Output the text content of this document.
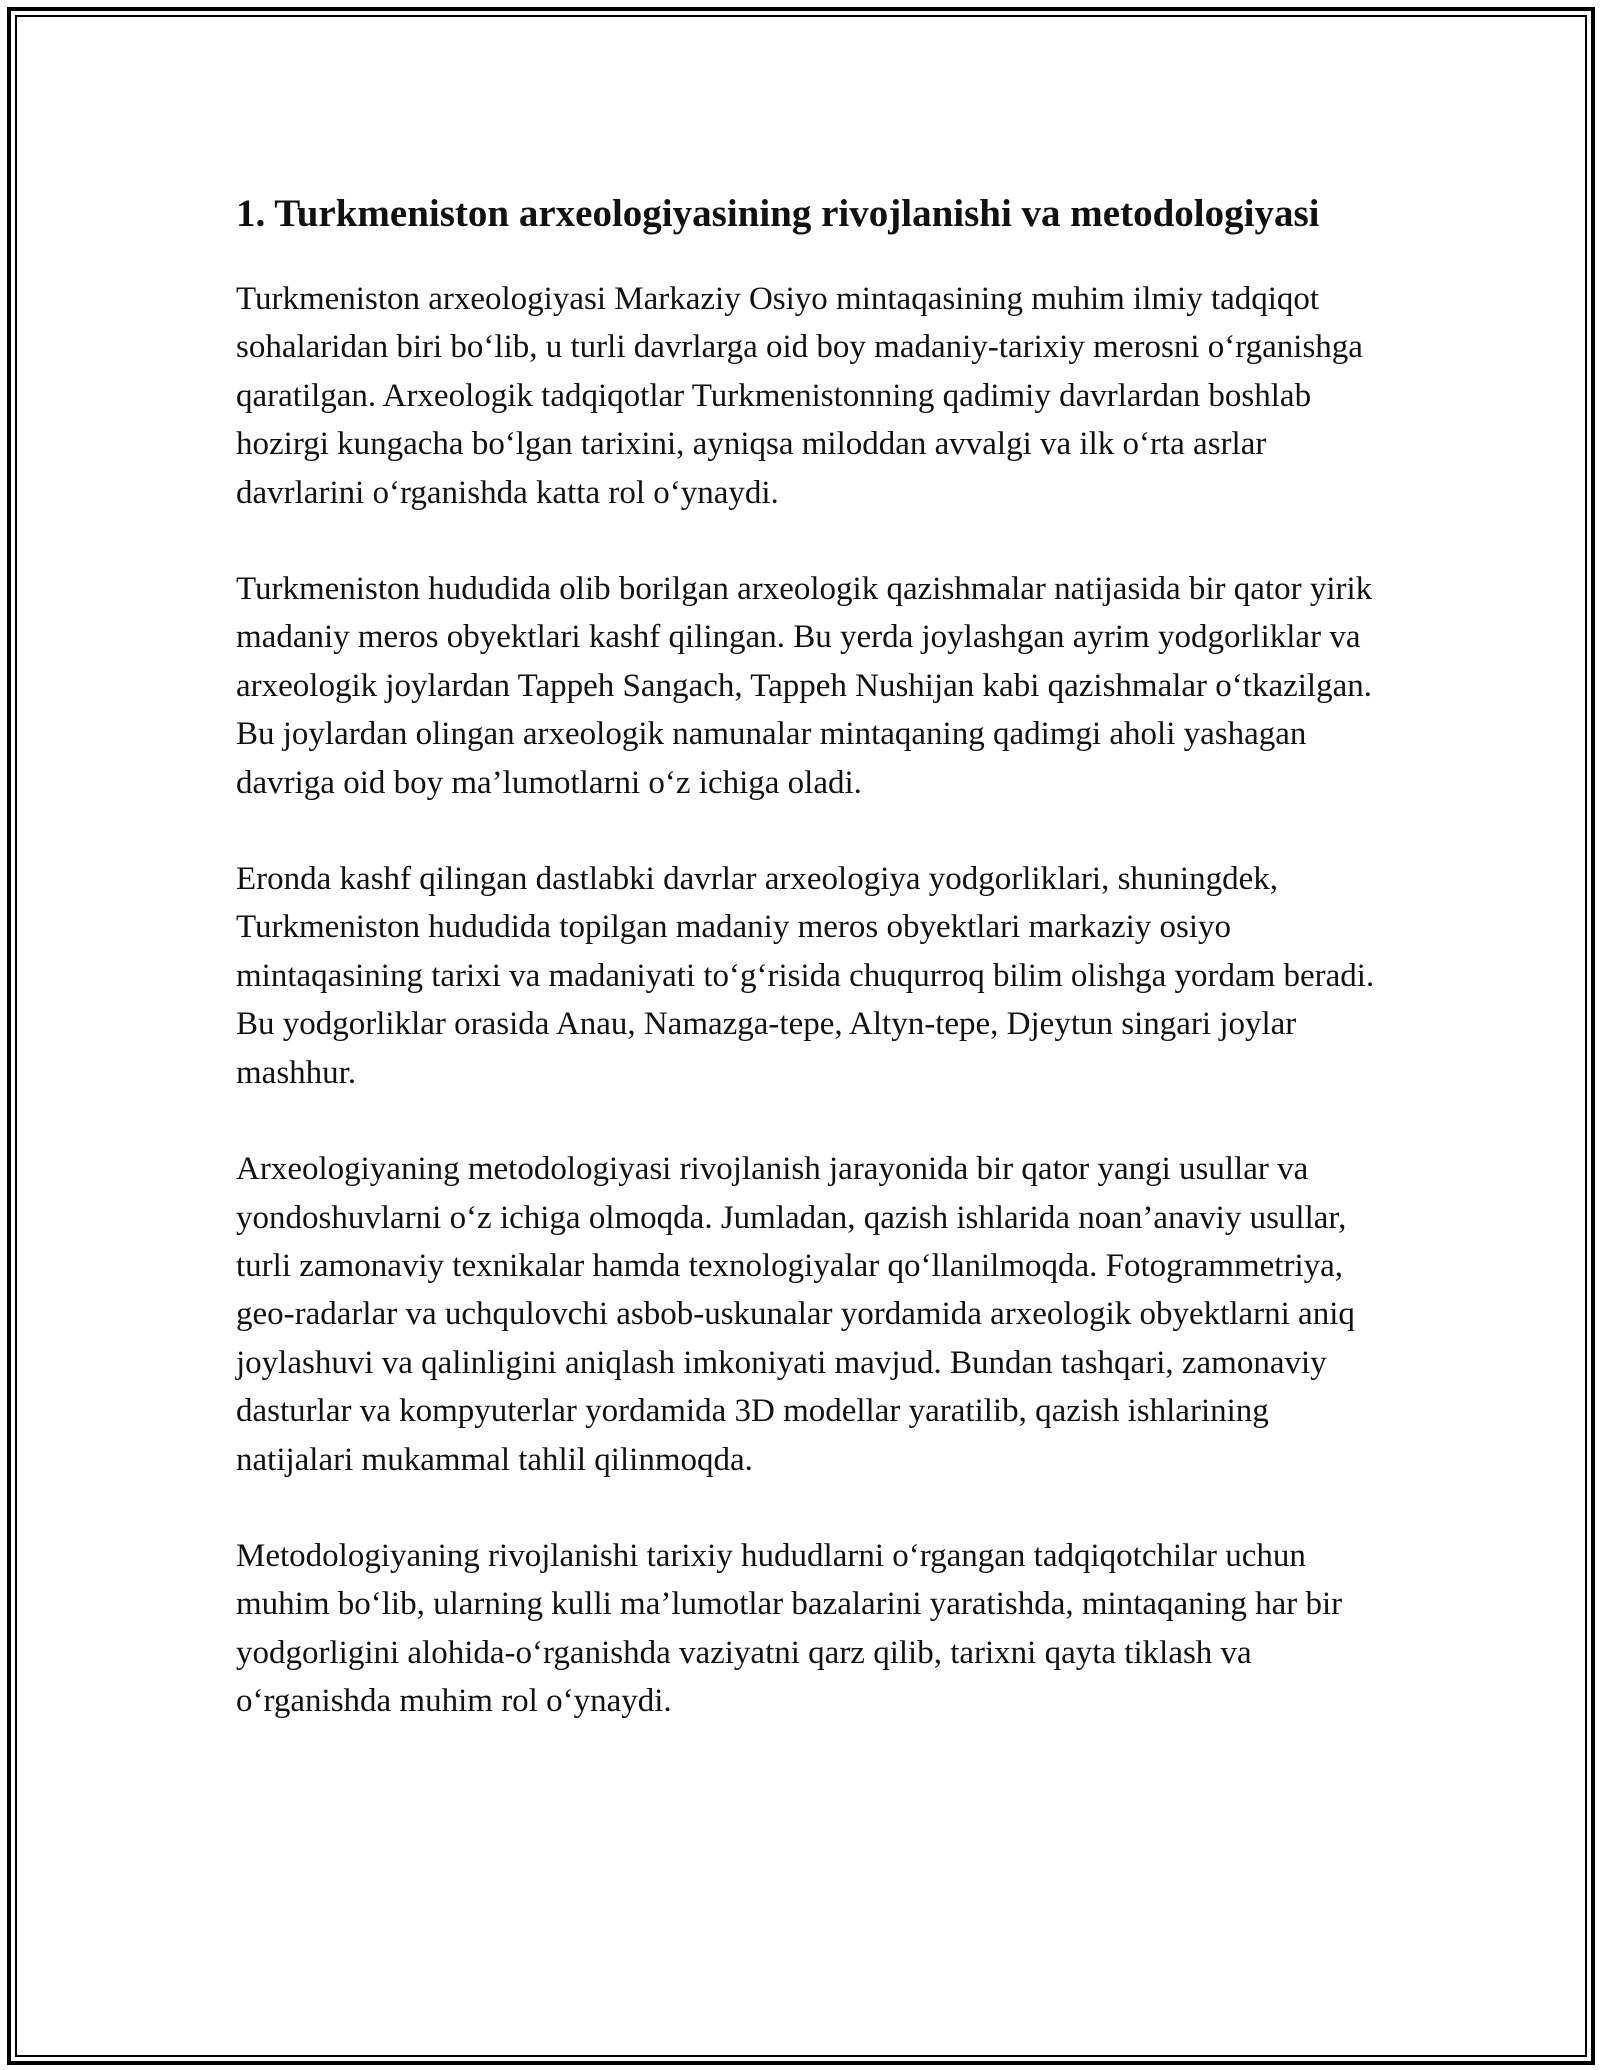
1. Turkmeniston arxeologiyasining rivojlanishi va metodologiyasi

Turkmeniston arxeologiyasi Markaziy Osiyo mintaqasining muhim ilmiy tadqiqot sohalaridan biri bo‘lib, u turli davrlarga oid boy madaniy-tarixiy merosni o‘rganishga qaratilgan. Arxeologik tadqiqotlar Turkmenistonning qadimiy davrlardan boshlab hozirgi kungacha bo‘lgan tarixini, ayniqsa miloddan avvalgi va ilk o‘rta asrlar davrlarini o‘rganishda katta rol o‘ynaydi.

Turkmeniston hududida olib borilgan arxeologik qazishmalar natijasida bir qator yirik madaniy meros obyektlari kashf qilingan. Bu yerda joylashgan ayrim yodgorliklar va arxeologik joylardan Tappeh Sangach, Tappeh Nushijan kabi qazishmalar o‘tkazilgan. Bu joylardan olingan arxeologik namunalar mintaqaning qadimgi aholi yashagan davriga oid boy ma’lumotlarni o‘z ichiga oladi.

Eronda kashf qilingan dastlabki davrlar arxeologiya yodgorliklari, shuningdek, Turkmeniston hududida topilgan madaniy meros obyektlari markaziy osiyo mintaqasining tarixi va madaniyati to‘g‘risida chuqurroq bilim olishga yordam beradi. Bu yodgorliklar orasida Anau, Namazga-tepe, Altyn-tepe, Djeytun singari joylar mashhur.

Arxeologiyaning metodologiyasi rivojlanish jarayonida bir qator yangi usullar va yondoshuvlarni o‘z ichiga olmoqda. Jumladan, qazish ishlarida noan’anaviy usullar, turli zamonaviy texnikalar hamda texnologiyalar qo‘llanilmoqda. Fotogrammetriya, geo-radarlar va uchqulovchi asbob-uskunalar yordamida arxeologik obyektlarni aniq joylashuvi va qalinligini aniqlash imkoniyati mavjud. Bundan tashqari, zamonaviy dasturlar va kompyuterlar yordamida 3D modellar yaratilib, qazish ishlarining natijalari mukammal tahlil qilinmoqda.

Metodologiyaning rivojlanishi tarixiy hududlarni o‘rgangan tadqiqotchilar uchun muhim bo‘lib, ularning kulli ma’lumotlar bazalarini yaratishda, mintaqaning har bir yodgorligini alohida-o‘rganishda vaziyatni qarz qilib, tarixni qayta tiklash va o‘rganishda muhim rol o‘ynaydi.
